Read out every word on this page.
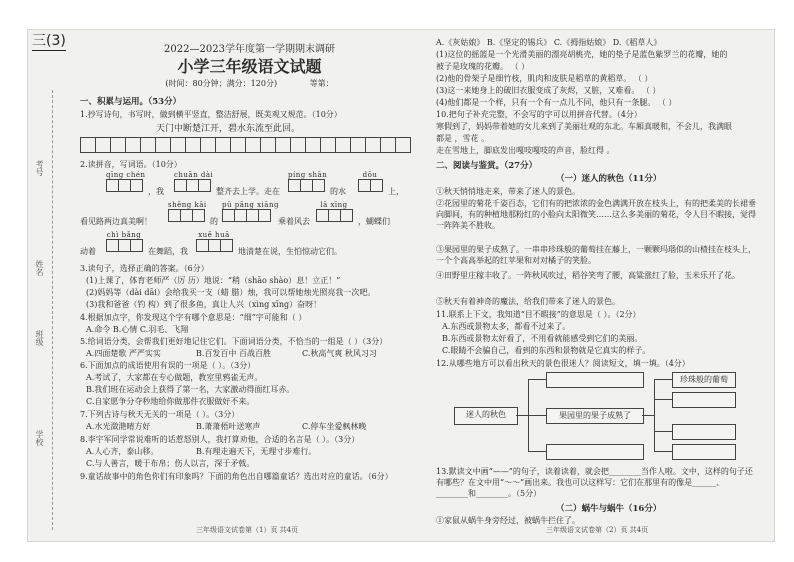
三(3)
考号
姓名
班级
学校
2022—2023学年度第一学期期末调研
小学三年级语文试题
(时间：80分钟；满分：120分)	等第：
一、积累与运用。（53分）
1.抄写诗句，书写时，做到横平竖直，整洁舒展，既美观又规范。（10分）
天门中断楚江开，碧水东流至此回。
2.读拼音，写词语。（10分）
qīng chén
，我
chuān dài
整齐去上学。走在
píng shān
的水
dōu
上，
看见路两边真美啊！
shēng kāi
的
pū pāng xiāng
乘着风去
lā xīng
，蝴蝶们
动着
chì bǎng
在舞蹈，我
xuě huā
地清楚在说，生怕惊动它们。
3.读句子，选择正确的答案。（6分）
(1)上课了，体育老师严（厉 历）地说：“稍（shāo shào）息！立正！”
(2)妈妈等（dài dāi）会给我买一支（蜡 腊）烛，我可以帮她烛光照亮我一次吧。
(3)我和爸爸（钓 构）到了很多鱼，真让人兴（xìng xīng）奋呀！
4.根据加点字，你发现这个字有哪个意思是：“细”字可能和（ ）
A.命令 B.心情 C.羽毛、飞翔
5.给词语分类，会帮我们更好地记住它们。下面词语分类，不恰当的一组是（ ）（3分）
A.四面楚歌 严严实实	B.百发百中 百战百胜	C.秋高气爽 秋风习习
6.下面加点的成语使用有误的一项是（ ）。（3分）
A.考试了，大家都在专心做题，教室里鸦雀无声。
B.我们班在运动会上获得了第一名，大家激动得面红耳赤。
C.自家愿争分夺秒地给你做那件衣服做好不来。
7.下列古诗与秋天无关的一项是（ ）。（3分）
A.水光潋滟晴方好	B.萧萧梧叶送寒声	C.停车坐爱枫林晚
8.李宇军同学常说难听的话惹怒别人，我打算劝他，合适的名言是（ ）。（3分）
A.人心齐，泰山移。	B.有理走遍天下，无理寸步难行。
C.与人善言，暖于布帛；伤人以言，深于矛戟。
9.童话故事中的角色你们有印象吗？下面的角色出自哪篇童话？选出对应的童话。（6分）
三年级语文试卷第（1）页 共4页
A.《灰姑娘》 B.《坚定的锡兵》 C.《拇指姑娘》 D.《稻草人》
(1)这位的摇篮是一个光滑美丽的漂亮胡桃壳，她的垫子是蓝色紫罗兰的花瓣，她的
被子是玫瑰的花瓣。 （ ）
(2)他的骨架子是细竹枝，肌肉和皮肤是稻草的黄稻草。 （ ）
(3)这一来她身上的破旧衣服变成了灰烬，又脏，又难看。 （ ）
(4)他们都是一个样，只有一个有一点儿不同，他只有一条腿。 （ ）
10.把句子补充完整，不会写的字可以用拼音代替。（4分）
寒假到了，妈妈带着她的女儿来到了美丽壮观的东北。车厢真暖和，不会儿，我满眼
都是 ，雪花 。
走在雪地上，脚底发出嘎吱嘎吱的声音，脸红得 。
二、阅读与鉴赏。（27分）
（一）迷人的秋色（11分）
①秋天悄悄地走来，带来了迷人的景色。
②花园里的菊花千姿百态，它们有的把浓浓的金色满满开放在枝头上，有的把柔美的长裙垂向脚间，有的种植地那粉红的小脸向太阳微笑……这么多美丽的菊花，令人目不暇接，觉得一阵阵美不胜收。
③果园里的果子成熟了。一串串珍珠般的葡萄挂在藤上，一颗颗玛瑙似的山楂挂在枝头上，一个个高高举起的红苹果和对对橘子的笑脸。
④田野里庄稼丰收了。一阵秋风吹过，稻谷笑弯了腰，高粱涨红了脸，玉米乐开了花。
⑤秋天有着神奇的魔法，给我们带来了迷人的景色。
11.联系上下文，我知道“目不暇接”的意思是（ ）。（2分）
A.东西或景物太多，都看不过来了。
B.东西或景物太好看了，不用看就能感受到它们的美丽。
C.眼睛不会骗自己，看到的东西和景物就是它真实的样子。
12.从哪些地方可以看出秋天的景色很迷人？阅读短文，填一填。（4分）
迷人的秋色	果园里的果子成熟了
珍珠般的葡萄
13.默读文中画“——”的句子，读着读着，就会把________当作人啦。文中，这样的句子还有哪些？在文中用“～～”画出来。我也可以这样写：它们在那里有的像是______、________和________。（5分）
（二）蜗牛与蜗牛（16分）
①家鼠从蜗牛身旁经过，被蜗牛拦住了。
三年级语文试卷第（2）页 共4页
